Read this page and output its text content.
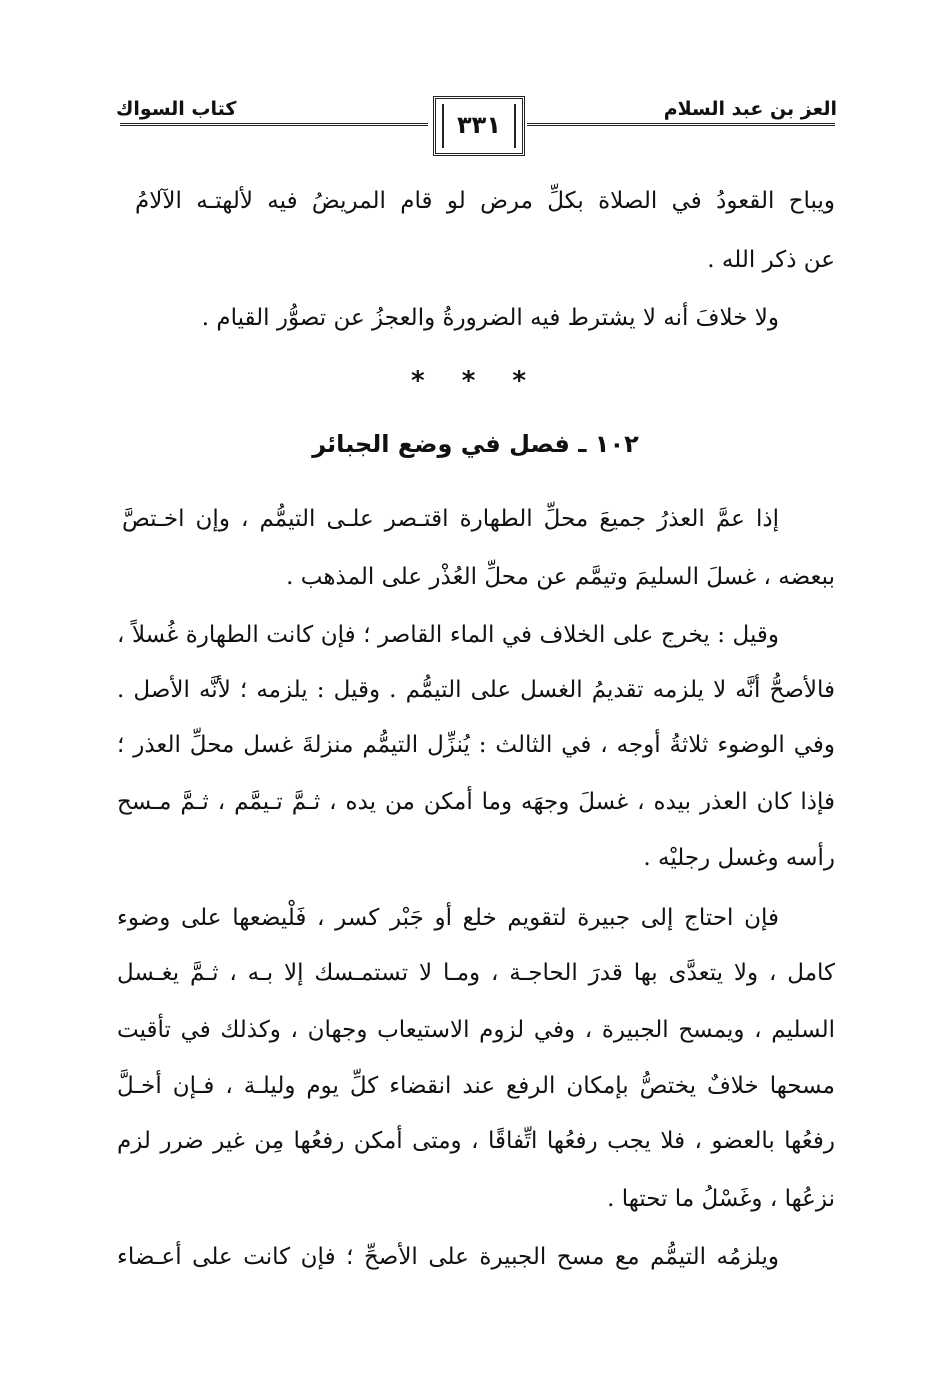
العز بن عبد السلام
كتاب السواك
٣٣١
ويباح القعودُ في الصلاة بكلِّ مرض لو قام المريضُ فيه لألهتـه الآلامُ
عن ذكر الله .
ولا خلافَ أنه لا يشترط فيه الضرورةُ والعجزُ عن تصوُّر القيام .
* * *
١٠٢ ـ فصل في وضع الجبائر
إذا عمَّ العذرُ جميعَ محلِّ الطهارة اقتـصر علـى التيمُّم ، وإن اخـتصَّ
ببعضه ، غسلَ السليمَ وتيمَّم عن محلِّ العُذْر على المذهب .
وقيل : يخرج على الخلاف في الماء القاصر ؛ فإن كانت الطهارة غُسلاً ،
فالأصحُّ أنَّه لا يلزمه تقديمُ الغسل على التيمُّم . وقيل : يلزمه ؛ لأنَّه الأصل .
وفي الوضوء ثلاثةُ أوجه ، في الثالث : يُنزِّل التيمُّم منزلةَ غسل محلِّ العذر ؛
فإذا كان العذر بيده ، غسلَ وجهَه وما أمكن من يده ، ثـمَّ تـيمَّم ، ثـمَّ مـسح
رأسه وغسل رجليْه .
فإن احتاج إلى جبيرة لتقويم خلع أو جَبْر كسر ، فَلْيضعها على وضوء
كامل ، ولا يتعدَّى بها قدرَ الحاجـة ، ومـا لا تستمـسك إلا بـه ، ثـمَّ يغـسل
السليم ، ويمسح الجبيرة ، وفي لزوم الاستيعاب وجهان ، وكذلك في تأقيت
مسحها خلافٌ يختصُّ بإمكان الرفع عند انقضاء كلِّ يوم وليلـة ، فـإن أخـلَّ
رفعُها بالعضو ، فلا يجب رفعُها اتِّفاقًا ، ومتى أمكن رفعُها مِن غير ضرر لزم
نزعُها ، وغَسْلُ ما تحتها .
ويلزمُه التيمُّم مع مسح الجبيرة على الأصحِّ ؛ فإن كانت على أعـضاء
